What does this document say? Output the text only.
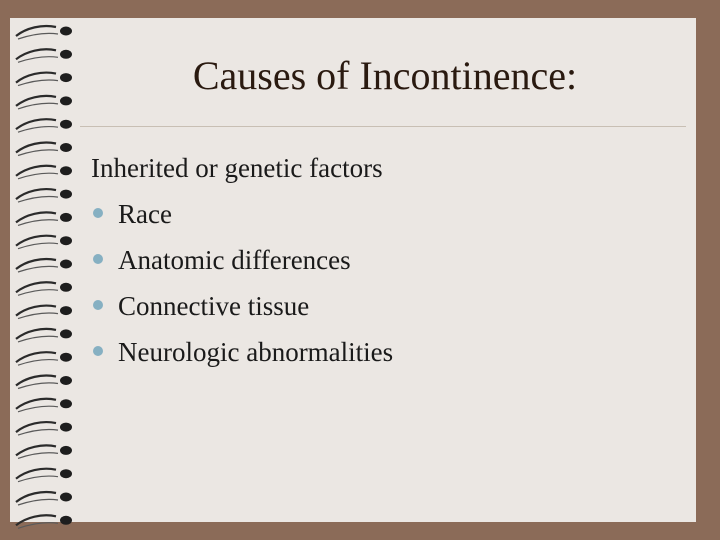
Causes of Incontinence:
Inherited or genetic factors
Race
Anatomic differences
Connective tissue
Neurologic abnormalities
